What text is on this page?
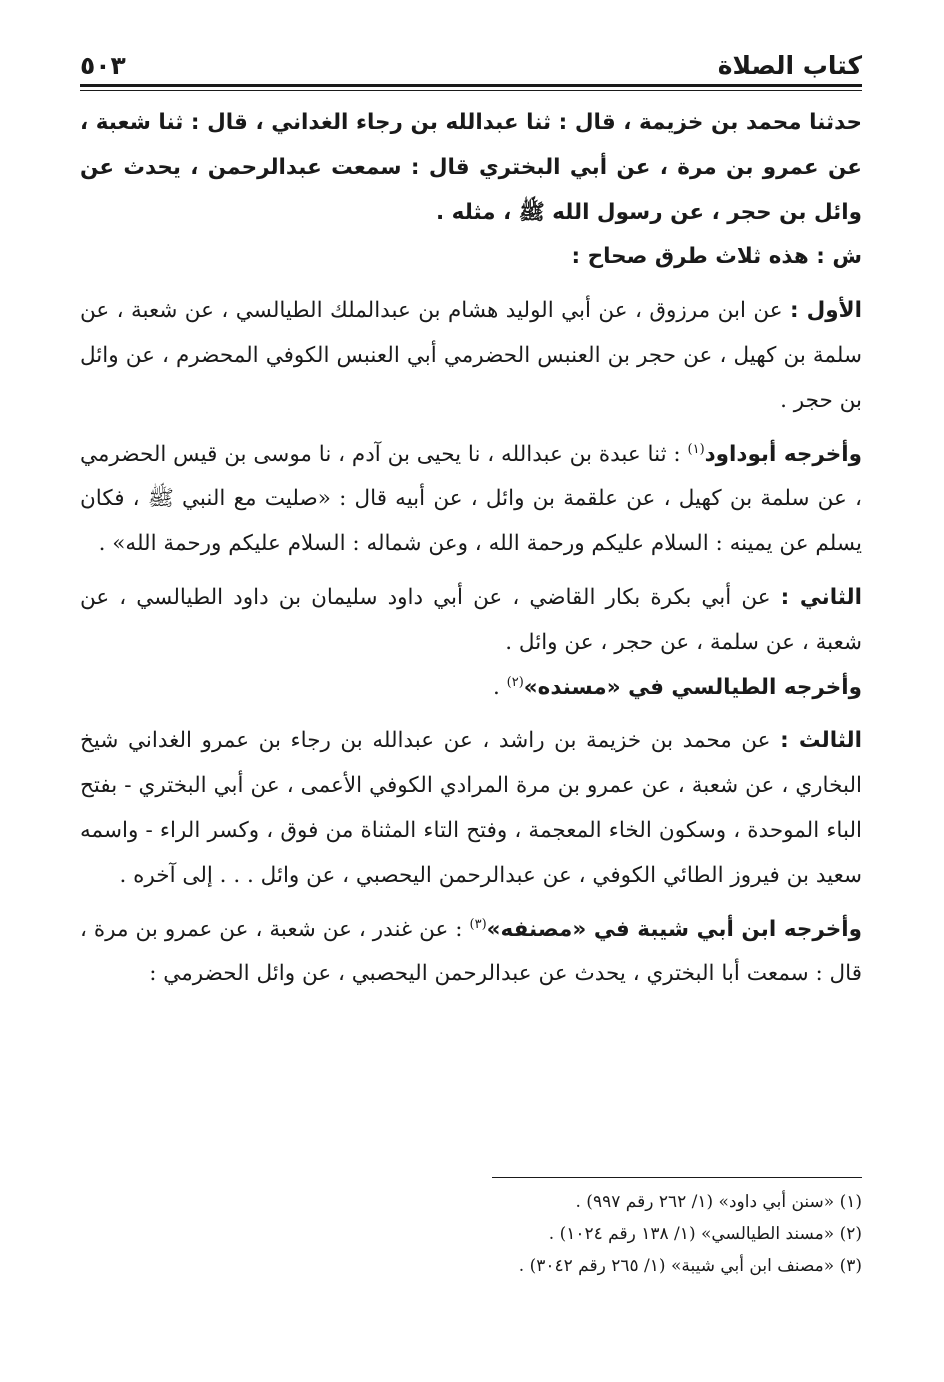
كتاب الصلاة
٥٠٣

حدثنا محمد بن خزيمة ، قال : ثنا عبدالله بن رجاء الغداني ، قال : ثنا شعبة ، عن عمرو بن مرة ، عن أبي البختري قال : سمعت عبدالرحمن ، يحدث عن وائل بن حجر ، عن رسول الله ﷺ ، مثله .

ش : هذه ثلاث طرق صحاح :

الأول : عن ابن مرزوق ، عن أبي الوليد هشام بن عبدالملك الطيالسي ، عن شعبة ، عن سلمة بن كهيل ، عن حجر بن العنبس الحضرمي أبي العنبس الكوفي المحضرم ، عن وائل بن حجر .

وأخرجه أبوداود$^{(١)}$ : ثنا عبدة بن عبدالله ، نا يحيى بن آدم ، نا موسى بن قيس الحضرمي ، عن سلمة بن كهيل ، عن علقمة بن وائل ، عن أبيه قال : «صليت مع النبي ﷺ ، فكان يسلم عن يمينه : السلام عليكم ورحمة الله ، وعن شماله : السلام عليكم ورحمة الله» .

الثاني : عن أبي بكرة بكار القاضي ، عن أبي داود سليمان بن داود الطيالسي ، عن شعبة ، عن سلمة ، عن حجر ، عن وائل .

وأخرجه الطيالسي في «مسنده»$^{(٢)}$ .

الثالث : عن محمد بن خزيمة بن راشد ، عن عبدالله بن رجاء بن عمرو الغداني شيخ البخاري ، عن شعبة ، عن عمرو بن مرة المرادي الكوفي الأعمى ، عن أبي البختري - بفتح الباء الموحدة ، وسكون الخاء المعجمة ، وفتح التاء المثناة من فوق ، وكسر الراء - واسمه سعيد بن فيروز الطائي الكوفي ، عن عبدالرحمن اليحصبي ، عن وائل . . . إلى آخره .

وأخرجه ابن أبي شيبة في «مصنفه»$^{(٣)}$ : عن غندر ، عن شعبة ، عن عمرو بن مرة ، قال : سمعت أبا البختري ، يحدث عن عبدالرحمن اليحصبي ، عن وائل الحضرمي :

(١) «سنن أبي داود» (١/ ٢٦٢ رقم ٩٩٧) .

(٢) «مسند الطيالسي» (١/ ١٣٨ رقم ١٠٢٤) .

(٣) «مصنف ابن أبي شيبة» (١/ ٢٦٥ رقم ٣٠٤٢) .
